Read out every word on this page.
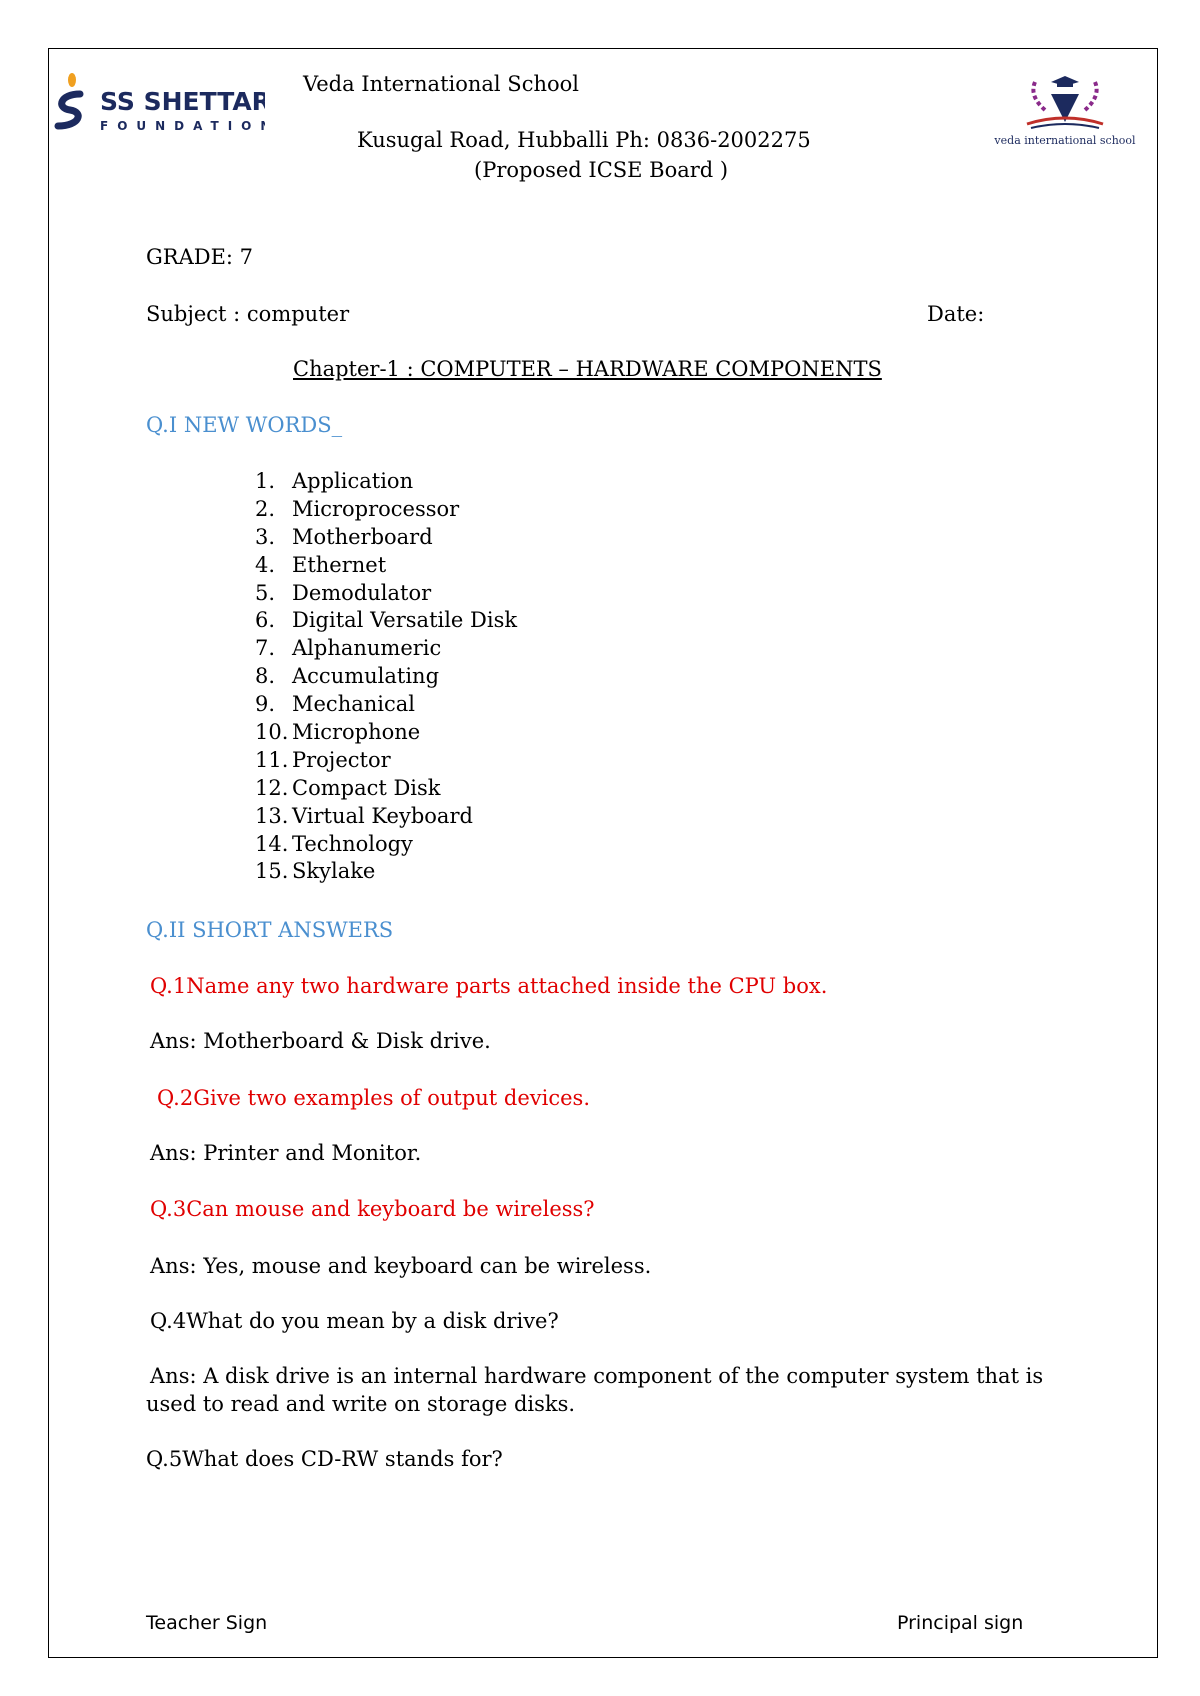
SS SHETTAR
FOUNDATION
veda international school
Veda International School
Kusugal Road, Hubballi Ph: 0836-2002275
(Proposed ICSE Board )
GRADE: 7
Subject : computer	Date:
Chapter-1 : COMPUTER – HARDWARE COMPONENTS
Q.I NEW WORDS_
1. Application
2. Microprocessor
3. Motherboard
4. Ethernet
5. Demodulator
6. Digital Versatile Disk
7. Alphanumeric
8. Accumulating
9. Mechanical
10. Microphone
11. Projector
12. Compact Disk
13. Virtual Keyboard
14. Technology
15. Skylake
Q.II SHORT ANSWERS
Q.1Name any two hardware parts attached inside the CPU box.
Ans: Motherboard & Disk drive.
Q.2Give two examples of output devices.
Ans: Printer and Monitor.
Q.3Can mouse and keyboard be wireless?
Ans: Yes, mouse and keyboard can be wireless.
Q.4What do you mean by a disk drive?
Ans: A disk drive is an internal hardware component of the computer system that is used to read and write on storage disks.
Q.5What does CD-RW stands for?
Teacher Sign	Principal sign
